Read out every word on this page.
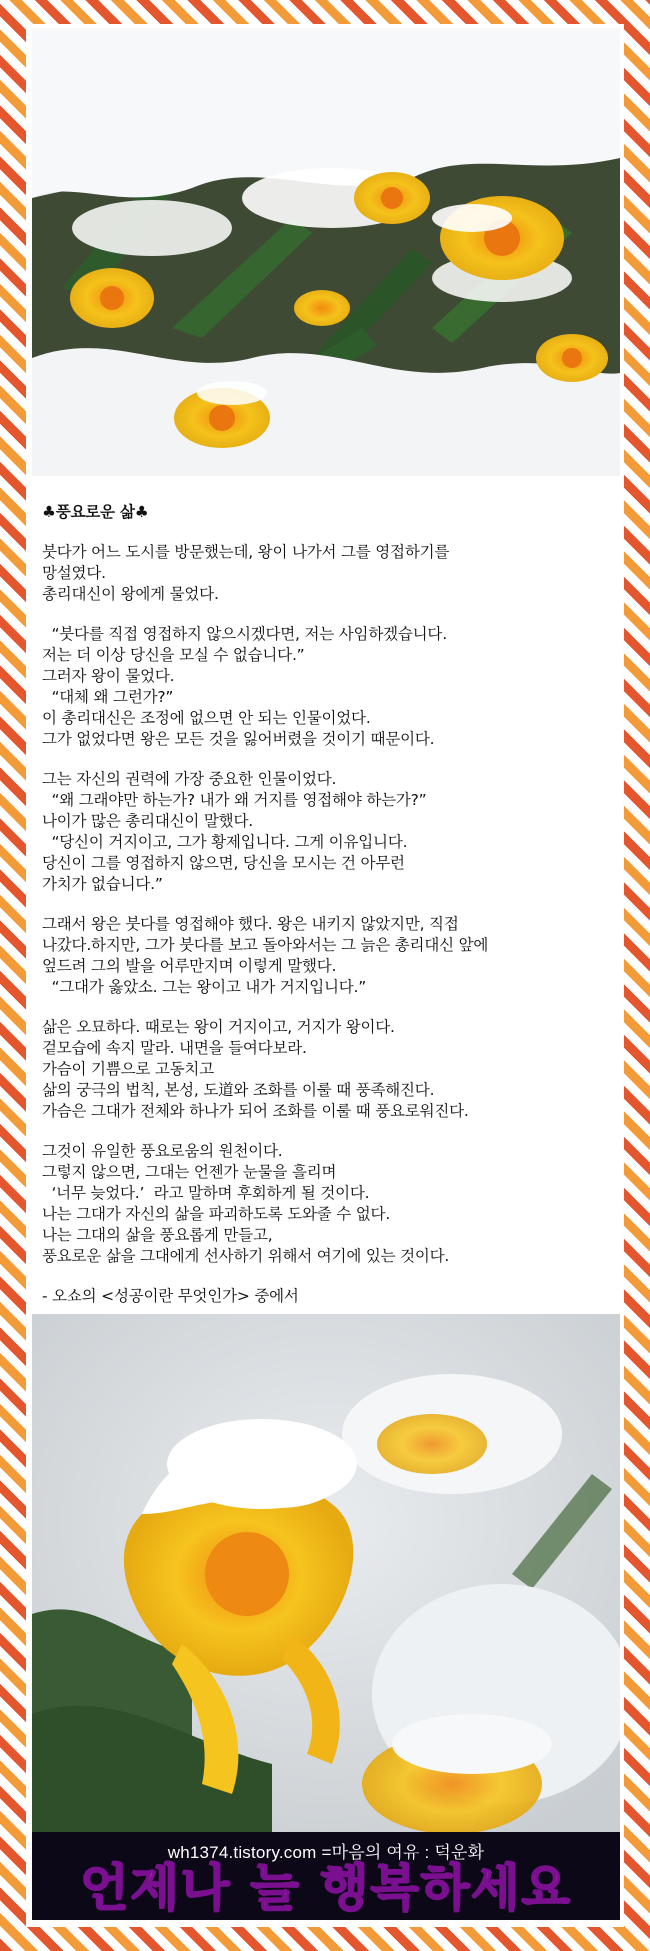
♣풍요로운 삶♣
붓다가 어느 도시를 방문했는데, 왕이 나가서 그를 영접하기를
망설였다.
총리대신이 왕에게 물었다.
“붓다를 직접 영접하지 않으시겠다면, 저는 사임하겠습니다.
저는 더 이상 당신을 모실 수 없습니다.”
그러자 왕이 물었다.
“대체 왜 그런가?”
이 총리대신은 조정에 없으면 안 되는 인물이었다.
그가 없었다면 왕은 모든 것을 잃어버렸을 것이기 때문이다.
그는 자신의 권력에 가장 중요한 인물이었다.
“왜 그래야만 하는가? 내가 왜 거지를 영접해야 하는가?”
나이가 많은 총리대신이 말했다.
“당신이 거지이고, 그가 황제입니다. 그게 이유입니다.
당신이 그를 영접하지 않으면, 당신을 모시는 건 아무런
가치가 없습니다.”
그래서 왕은 붓다를 영접해야 했다. 왕은 내키지 않았지만, 직접
나갔다.하지만, 그가 붓다를 보고 돌아와서는 그 늙은 총리대신 앞에
엎드려 그의 발을 어루만지며 이렇게 말했다.
“그대가 옳았소. 그는 왕이고 내가 거지입니다.”
삶은 오묘하다. 때로는 왕이 거지이고, 거지가 왕이다.
겉모습에 속지 말라. 내면을 들여다보라.
가슴이 기쁨으로 고동치고
삶의 궁극의 법칙, 본성, 도道와 조화를 이룰 때 풍족해진다.
가슴은 그대가 전체와 하나가 되어 조화를 이룰 때 풍요로워진다.
그것이 유일한 풍요로움의 원천이다.
그렇지 않으면, 그대는 언젠가 눈물을 흘리며
‘너무 늦었다.’  라고 말하며 후회하게 될 것이다.
나는 그대가 자신의 삶을 파괴하도록 도와줄 수 없다.
나는 그대의 삶을 풍요롭게 만들고,
풍요로운 삶을 그대에게 선사하기 위해서 여기에 있는 것이다.
- 오쇼의 <성공이란 무엇인가> 중에서
wh1374.tistory.com =마음의 여유 : 덕운화
언제나 늘 행복하세요
